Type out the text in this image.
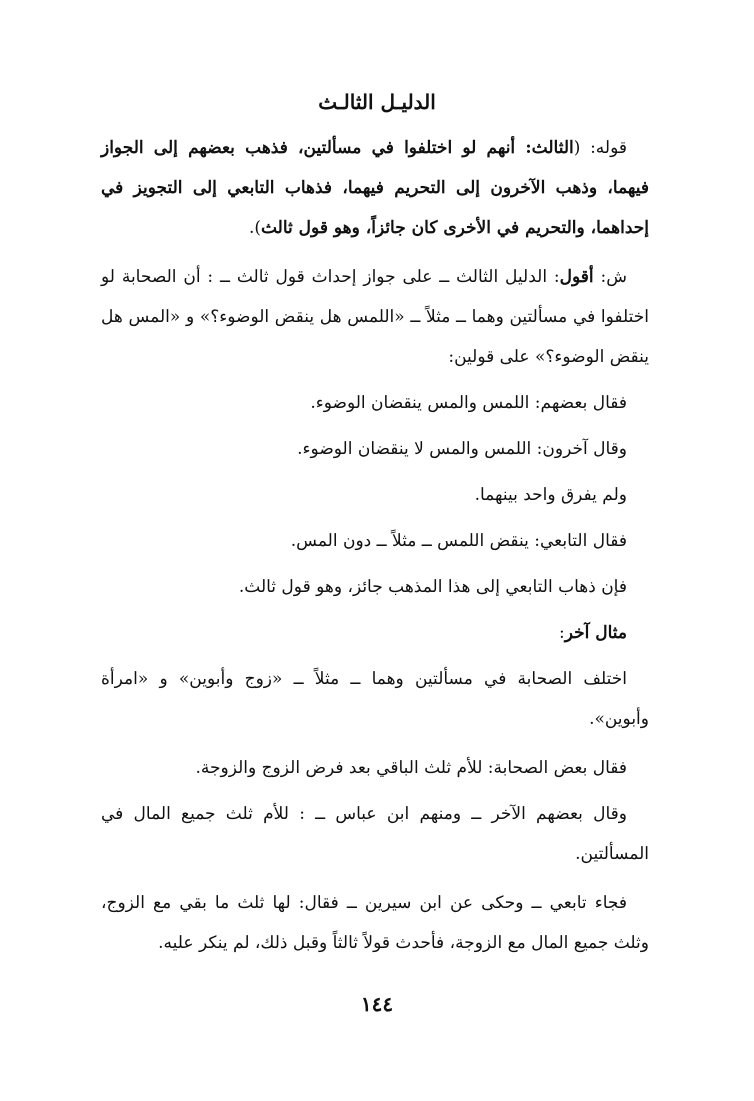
الدليـل الثالـث

قوله: (الثالث: أنهم لو اختلفوا في مسألتين، فذهب بعضهم إلى الجواز فيهما، وذهب الآخرون إلى التحريم فيهما، فذهاب التابعي إلى التجويز في إحداهما، والتحريم في الأخرى كان جائزاً، وهو قول ثالث).

ش: أقول: الدليل الثالث ــ على جواز إحداث قول ثالث ــ : أن الصحابة لو اختلفوا في مسألتين وهما ــ مثلاً ــ «اللمس هل ينقض الوضوء؟» و «المس هل ينقض الوضوء؟» على قولين:

فقال بعضهم: اللمس والمس ينقضان الوضوء.

وقال آخرون: اللمس والمس لا ينقضان الوضوء.

ولم يفرق واحد بينهما.

فقال التابعي: ينقض اللمس ــ مثلاً ــ دون المس.

فإن ذهاب التابعي إلى هذا المذهب جائز، وهو قول ثالث.

مثال آخر:

اختلف الصحابة في مسألتين وهما ــ مثلاً ــ «زوج وأبوين» و «امرأة وأبوين».

فقال بعض الصحابة: للأم ثلث الباقي بعد فرض الزوج والزوجة.

وقال بعضهم الآخر ــ ومنهم ابن عباس ــ : للأم ثلث جميع المال في المسألتين.

فجاء تابعي ــ وحكى عن ابن سيرين ــ فقال: لها ثلث ما بقي مع الزوج، وثلث جميع المال مع الزوجة، فأحدث قولاً ثالثاً وقبل ذلك، لم ينكر عليه.

١٤٤
